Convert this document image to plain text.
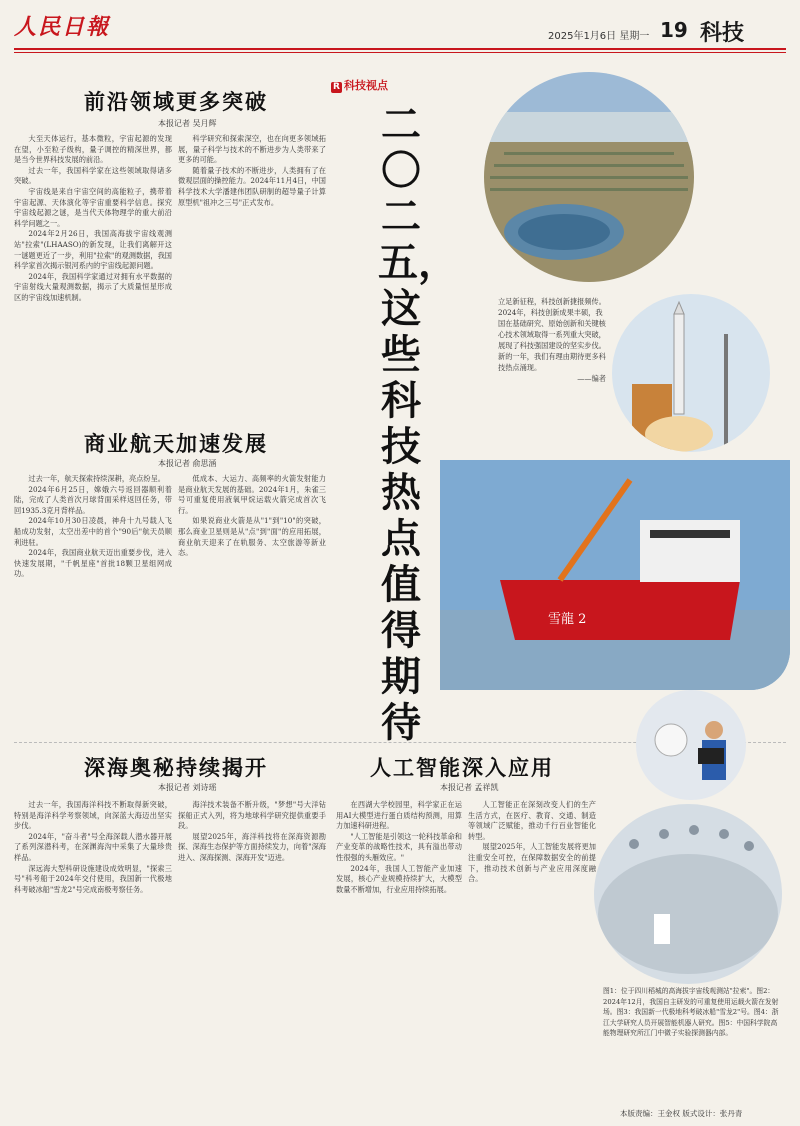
人民日報	2025年1月6日 星期一 19 科技
R 科技视点
二〇二五，这些科技热点值得期待
前沿领域更多突破
本报记者 吴月辉

大至天体运行，基本微粒，宇宙起源的发现在望，小至粒子级构，量子调控的精深世界，都是当今世界科技发展的前沿。

过去一年，我国科学家在这些领域取得诸多突破。

宇宙线是来自宇宙空间的高能粒子，携带着宇宙起源、天体演化等宇宙重要科学信息。探究宇宙线起源之谜，是当代天体物理学的重大前沿科学问题之一。

2024年2月26日，我国高海拔宇宙线观测站"拉索"(LHAASO)的新发现，让我们离解开这一谜题更近了一步，利用"拉索"的观测数据，我国科学家首次揭示银河系内的宇宙线起源问题。

2024年，我国科学家通过对拥有水平数据的宇宙射线大量观测数据，揭示了大质量恒星形成区的宇宙线加速机制。

科学研究和探索深空，也在向更多领域拓展，量子科学与技术的不断进步为人类带来了更多的可能。

随着量子技术的不断进步，人类拥有了在微观层面的操控能力。2024年11月4日，中国科学技术大学潘建伟团队研制的超导量子计算原型机"祖冲之三号"正式发布。

商业航天加速发展
本报记者 俞思涵

过去一年，航天探索持续深耕，亮点纷呈。

2024年6月25日，嫦娥六号返回器顺利着陆，完成了人类首次月球背面采样返回任务，带回1935.3克月背样品。

2024年10月30日凌晨，神舟十九号载人飞船成功发射，太空出差中的首个"90后"航天员顺利进驻。

2024年，我国商业航天迈出重要步伐，进入快速发展期，"千帆星座"首批18颗卫星组网成功。

低成本、大运力、高频率的火箭发射能力是商业航天发展的基础。2024年1月，朱雀三号可重复使用液氧甲烷运载火箭完成首次飞行。

如果说商业火箭是从"1"到"10"的突破，那么商业卫星则是从"点"到"面"的应用拓展，商业航天迎来了在轨服务、太空旅游等新业态。

深海奥秘持续揭开
本报记者 刘诗瑶

过去一年，我国海洋科技不断取得新突破，特别是海洋科学考察领域，向深蓝大海迈出坚实步伐。

2024年，"奋斗者"号全海深载人潜水器开展了系列深潜科考，在深渊海沟中采集了大量珍贵样品。

深远海大型科研设施建设成效明显，"探索三号"科考船于2024年交付使用，我国新一代极地科考破冰船"雪龙2"号完成南极考察任务。

海洋技术装备不断升级，"梦想"号大洋钻探船正式入列，将为地球科学研究提供重要手段。

展望2025年，海洋科技将在深海资源勘探、深海生态保护等方面持续发力，向着"深海进入、深海探测、深海开发"迈进。

人工智能深入应用
本报记者 孟祥凯

在西湖大学校园里，科学家正在运用AI大模型进行蛋白质结构预测，用算力加速科研进程。

"人工智能是引领这一轮科技革命和产业变革的战略性技术，具有溢出带动性很强的头雁效应。"

2024年，我国人工智能产业加速发展，核心产业规模持续扩大，大模型数量不断增加，行业应用持续拓展。

人工智能正在深刻改变人们的生产生活方式，在医疗、教育、交通、制造等领域广泛赋能，推动千行百业智能化转型。

展望2025年，人工智能发展将更加注重安全可控，在保障数据安全的前提下，推动技术创新与产业应用深度融合。

雪龍 2
立足新征程，科技创新捷报频传。2024年，科技创新成果丰硕，我国在基础研究、原始创新和关键核心技术领域取得一系列重大突破，展现了科技强国建设的坚实步伐。新的一年，我们有理由期待更多科技热点涌现。
——编者
图1：位于四川稻城的高海拔宇宙线观测站"拉索"。图2：2024年12月，我国自主研发的可重复使用运载火箭在发射场。图3：我国新一代极地科考破冰船"雪龙2"号。图4：浙江大学研究人员开展智能机器人研究。图5：中国科学院高能物理研究所江门中微子实验探测器内部。
本版责编：王金权 版式设计：张丹青
